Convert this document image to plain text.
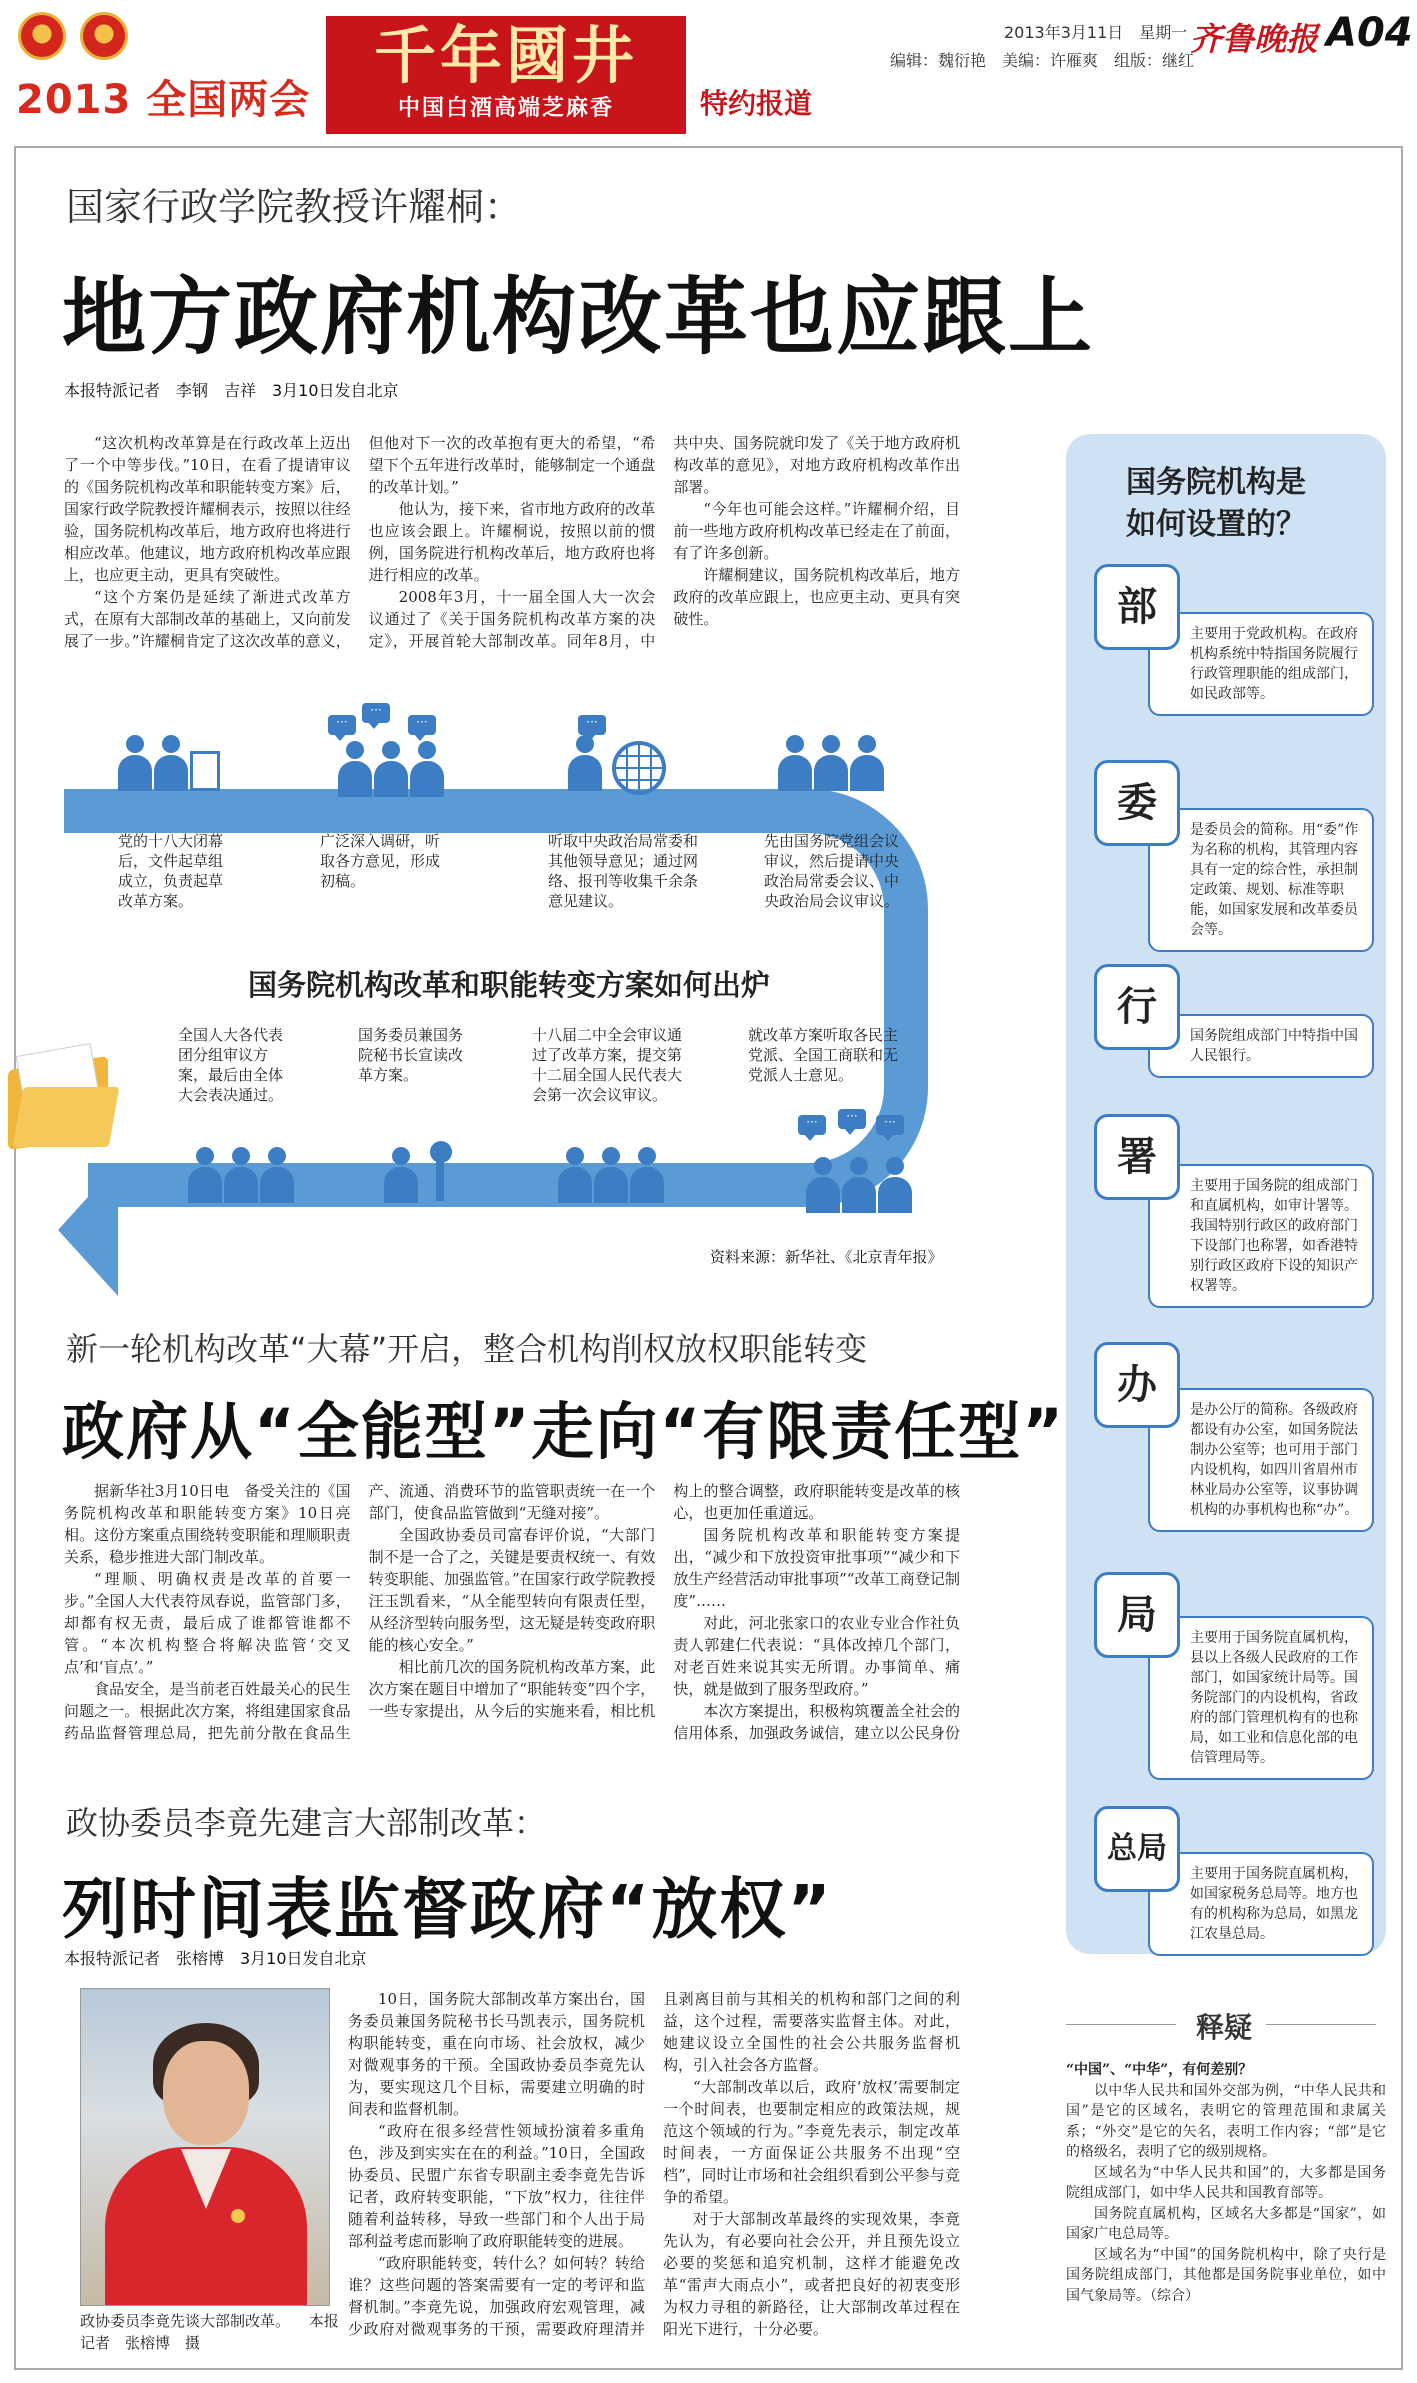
2013 全国两会
千年國井
中国白酒高端芝麻香	特约报道
2013年3月11日　星期一
编辑：魏衍艳　美编：许雁爽　组版：继红
齐鲁晚报 A04
国家行政学院教授许耀桐：
地方政府机构改革也应跟上
本报特派记者　李钢　吉祥　3月10日发自北京

“这次机构改革算是在行政改革上迈出了一个中等步伐。”10日，在看了提请审议的《国务院机构改革和职能转变方案》后，国家行政学院教授许耀桐表示，按照以往经验，国务院机构改革后，地方政府也将进行相应改革。他建议，地方政府机构改革应跟上，也应更主动，更具有突破性。

“这个方案仍是延续了渐进式改革方式，在原有大部制改革的基础上，又向前发展了一步。”许耀桐肯定了这次改革的意义，但他对下一次的改革抱有更大的希望，“希望下个五年进行改革时，能够制定一个通盘的改革计划。”

他认为，接下来，省市地方政府的改革也应该会跟上。许耀桐说，按照以前的惯例，国务院进行机构改革后，地方政府也将进行相应的改革。

2008年3月，十一届全国人大一次会议通过了《关于国务院机构改革方案的决定》，开展首轮大部制改革。同年8月，中共中央、国务院就印发了《关于地方政府机构改革的意见》，对地方政府机构改革作出部署。

“今年也可能会这样。”许耀桐介绍，目前一些地方政府机构改革已经走在了前面，有了许多创新。

许耀桐建议，国务院机构改革后，地方政府的改革应跟上，也应更主动、更具有突破性。

国务院机构改革和职能转变方案如何出炉
···
···
···	···
党的十八大闭幕后，文件起草组成立，负责起草改革方案。
广泛深入调研，听取各方意见，形成初稿。
听取中央政治局常委和其他领导意见；通过网络、报刊等收集千余条意见建议。
先由国务院党组会议审议，然后提请中央政治局常委会议、中央政治局会议审议。
就改革方案听取各民主党派、全国工商联和无党派人士意见。
十八届二中全会审议通过了改革方案，提交第十二届全国人民代表大会第一次会议审议。
国务委员兼国务院秘书长宣读改革方案。
全国人大各代表团分组审议方案，最后由全体大会表决通过。
···	···	···
资料来源：新华社、《北京青年报》
新一轮机构改革“大幕”开启，整合机构削权放权职能转变
政府从“全能型”走向“有限责任型”

据新华社3月10日电　备受关注的《国务院机构改革和职能转变方案》10日亮相。这份方案重点围绕转变职能和理顺职责关系，稳步推进大部门制改革。

“理顺、明确权责是改革的首要一步。”全国人大代表符凤春说，监管部门多，却都有权无责，最后成了谁都管谁都不管。“本次机构整合将解决监管‘交叉点’和‘盲点’。”

食品安全，是当前老百姓最关心的民生问题之一。根据此次方案，将组建国家食品药品监督管理总局，把先前分散在食品生产、流通、消费环节的监管职责统一在一个部门，使食品监管做到“无缝对接”。

全国政协委员司富春评价说，“大部门制不是一合了之，关键是要责权统一、有效转变职能、加强监管。”在国家行政学院教授汪玉凯看来，“从全能型转向有限责任型，从经济型转向服务型，这无疑是转变政府职能的核心安全。”

相比前几次的国务院机构改革方案，此次方案在题目中增加了“职能转变”四个字，一些专家提出，从今后的实施来看，相比机构上的整合调整，政府职能转变是改革的核心，也更加任重道远。

国务院机构改革和职能转变方案提出，“减少和下放投资审批事项”“减少和下放生产经营活动审批事项”“改革工商登记制度”……

对此，河北张家口的农业专业合作社负责人郭建仁代表说：“具体改掉几个部门，对老百姓来说其实无所谓。办事简单、痛快，就是做到了服务型政府。”

本次方案提出，积极构筑覆盖全社会的信用体系，加强政务诚信，建立以公民身份

政协委员李竟先建言大部制改革：
列时间表监督政府“放权”
本报特派记者　张榕博　3月10日发自北京
政协委员李竟先谈大部制改革。 本报记者　张榕博　摄

10日，国务院大部制改革方案出台，国务委员兼国务院秘书长马凯表示，国务院机构职能转变，重在向市场、社会放权，减少对微观事务的干预。全国政协委员李竟先认为，要实现这几个目标，需要建立明确的时间表和监督机制。

“政府在很多经营性领域扮演着多重角色，涉及到实实在在的利益。”10日，全国政协委员、民盟广东省专职副主委李竟先告诉记者，政府转变职能，“下放”权力，往往伴随着利益转移，导致一些部门和个人出于局部利益考虑而影响了政府职能转变的进展。

“政府职能转变，转什么？如何转？转给谁？这些问题的答案需要有一定的考评和监督机制。”李竟先说，加强政府宏观管理，减少政府对微观事务的干预，需要政府理清并且剥离目前与其相关的机构和部门之间的利益，这个过程，需要落实监督主体。对此，她建议设立全国性的社会公共服务监督机构，引入社会各方监督。

“大部制改革以后，政府‘放权’需要制定一个时间表，也要制定相应的政策法规，规范这个领域的行为。”李竟先表示，制定改革时间表，一方面保证公共服务不出现“空档”，同时让市场和社会组织看到公平参与竞争的希望。

对于大部制改革最终的实现效果，李竟先认为，有必要向社会公开，并且预先设立必要的奖惩和追究机制，这样才能避免改革“雷声大雨点小”，或者把良好的初衷变形为权力寻租的新路径，让大部制改革过程在阳光下进行，十分必要。

国务院机构是如何设置的？
主要用于党政机构。在政府机构系统中特指国务院履行行政管理职能的组成部门，如民政部等。
部
是委员会的简称。用“委”作为名称的机构，其管理内容具有一定的综合性，承担制定政策、规划、标准等职能，如国家发展和改革委员会等。
委
国务院组成部门中特指中国人民银行。
行
主要用于国务院的组成部门和直属机构，如审计署等。我国特别行政区的政府部门下设部门也称署，如香港特别行政区政府下设的知识产权署等。
署
是办公厅的简称。各级政府都设有办公室，如国务院法制办公室等；也可用于部门内设机构，如四川省眉州市林业局办公室等，议事协调机构的办事机构也称“办”。
办
主要用于国务院直属机构，县以上各级人民政府的工作部门，如国家统计局等。国务院部门的内设机构，省政府的部门管理机构有的也称局，如工业和信息化部的电信管理局等。
局
主要用于国务院直属机构，如国家税务总局等。地方也有的机构称为总局，如黑龙江农垦总局。
总局
释疑

“中国”、“中华”，有何差别？

以中华人民共和国外交部为例，“中华人民共和国”是它的区域名，表明它的管理范围和隶属关系；“外交”是它的矢名，表明工作内容；“部”是它的格级名，表明了它的级别规格。

区域名为“中华人民共和国”的，大多都是国务院组成部门，如中华人民共和国教育部等。

国务院直属机构，区域名大多都是“国家”，如国家广电总局等。

区域名为“中国”的国务院机构中，除了央行是国务院组成部门，其他都是国务院事业单位，如中国气象局等。（综合）
